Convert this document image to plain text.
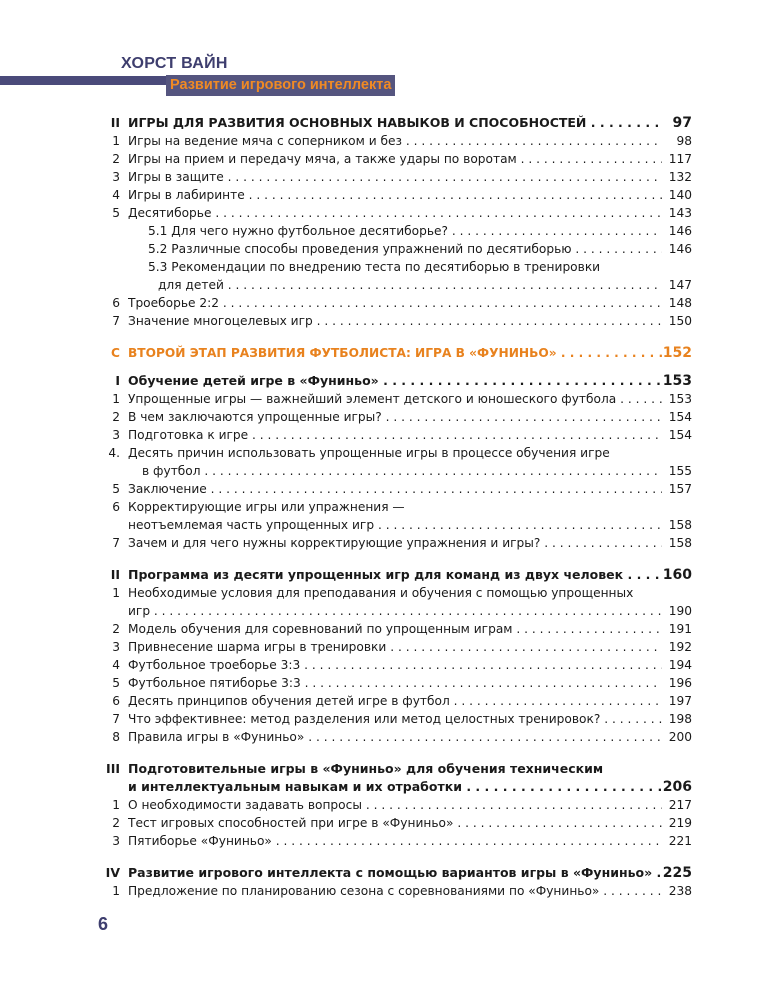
ХОРСТ ВАЙН
Развитие игрового интеллекта
II ИГРЫ ДЛЯ РАЗВИТИЯ ОСНОВНЫХ НАВЫКОВ И СПОСОБНОСТЕЙ . . .	97
1 Игры на ведение мяча с соперником и без . . .	98
2 Игры на прием и передачу мяча, а также удары по воротам . . .	117
3 Игры в защите . . .	132
4 Игры в лабиринте . . .	140
5 Десятиборье . . .	143
5.1 Для чего нужно футбольное десятиборье? . . .	146
5.2 Различные способы проведения упражнений по десятиборью . . .	146
5.3 Рекомендации по внедрению теста по десятиборью в тренировки
для детей . . .	147
6 Троеборье 2:2 . . .	148
7 Значение многоцелевых игр . . .	150
С ВТОРОЙ ЭТАП РАЗВИТИЯ ФУТБОЛИСТА: ИГРА В «ФУНИНЬО» . . .	152
I Обучение детей игре в «Фуниньо» . . .	153
1 Упрощенные игры — важнейший элемент детского и юношеского футбола . . .	153
2 В чем заключаются упрощенные игры? . . .	154
3 Подготовка к игре . . .	154
4. Десять причин использовать упрощенные игры в процессе обучения игре
в футбол . . .	155
5 Заключение . . .	157
6 Корректирующие игры или упражнения —
неотъемлемая часть упрощенных игр . . .	158
7 Зачем и для чего нужны корректирующие упражнения и игры? . . .	158
II Программа из десяти упрощенных игр для команд из двух человек . . .	160
1 Необходимые условия для преподавания и обучения с помощью упрощенных
игр . . .	190
2 Модель обучения для соревнований по упрощенным играм . . .	191
3 Привнесение шарма игры в тренировки . . .	192
4 Футбольное троеборье 3:3 . . .	194
5 Футбольное пятиборье 3:3 . . .	196
6 Десять принципов обучения детей игре в футбол . . .	197
7 Что эффективнее: метод разделения или метод целостных тренировок? . . .	198
8 Правила игры в «Фуниньо» . . .	200
III Подготовительные игры в «Фуниньо» для обучения техническим
и интеллектуальным навыкам и их отработки . . .	206
1 О необходимости задавать вопросы . . .	217
2 Тест игровых способностей при игре в «Фуниньо» . . .	219
3 Пятиборье «Фуниньо» . . .	221
IV Развитие игрового интеллекта с помощью вариантов игры в «Фуниньо» . . . 225
1 Предложение по планированию сезона с соревнованиями по «Фуниньо» . . .	238
6
